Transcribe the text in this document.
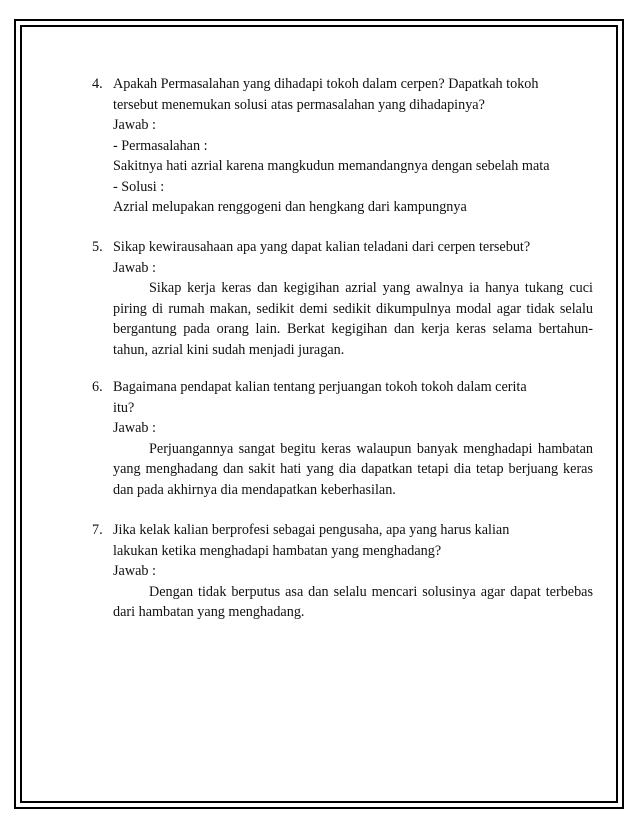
4. Apakah Permasalahan yang dihadapi tokoh dalam cerpen? Dapatkah tokoh
tersebut menemukan solusi atas permasalahan yang dihadapinya?
Jawab :
- Permasalahan :
Sakitnya hati azrial karena mangkudun memandangnya dengan sebelah mata
- Solusi :
Azrial melupakan renggogeni dan hengkang dari kampungnya
5. Sikap kewirausahaan apa yang dapat kalian teladani dari cerpen tersebut?
Jawab :
Sikap kerja keras dan kegigihan azrial yang awalnya ia hanya tukang cuci piring di rumah makan, sedikit demi sedikit dikumpulnya modal agar tidak selalu bergantung pada orang lain. Berkat kegigihan dan kerja keras selama bertahun-tahun, azrial kini sudah menjadi juragan.
6. Bagaimana pendapat kalian tentang perjuangan tokoh tokoh dalam cerita
itu?
Jawab :
Perjuangannya sangat begitu keras walaupun banyak menghadapi hambatan yang menghadang dan sakit hati yang dia dapatkan tetapi dia tetap berjuang keras dan pada akhirnya dia mendapatkan keberhasilan.
7. Jika kelak kalian berprofesi sebagai pengusaha, apa yang harus kalian
lakukan ketika menghadapi hambatan yang menghadang?
Jawab :
Dengan tidak berputus asa dan selalu mencari solusinya agar dapat terbebas dari hambatan yang menghadang.
